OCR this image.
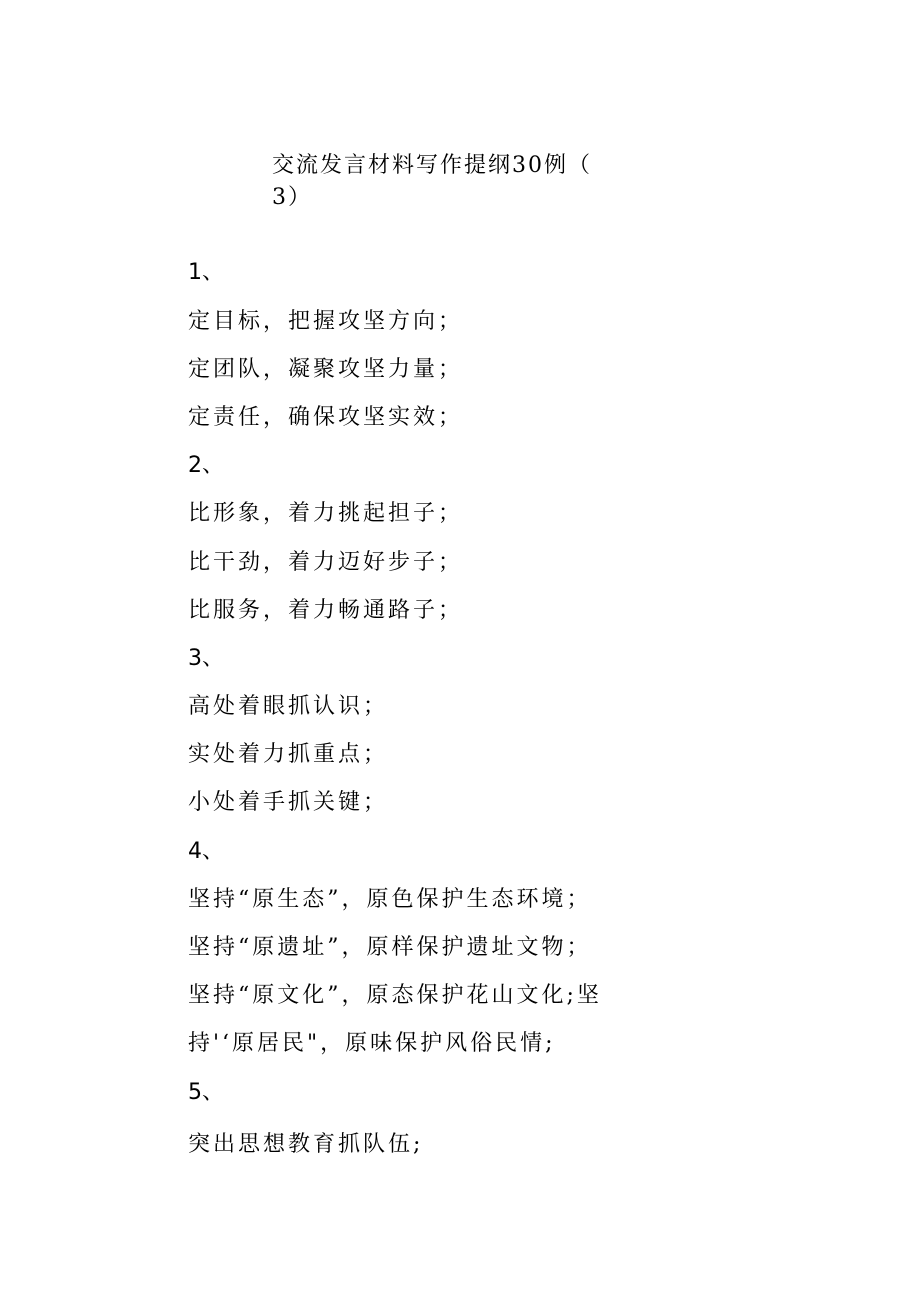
交流发言材料写作提纲30例（
3）
1、
定目标，把握攻坚方向；
定团队，凝聚攻坚力量；
定责任，确保攻坚实效；
2、
比形象，着力挑起担子；
比干劲，着力迈好步子；
比服务，着力畅通路子；
3、
高处着眼抓认识；
实处着力抓重点；
小处着手抓关键；
4、
坚持“原生态”，原色保护生态环境；
坚持“原遗址”，原样保护遗址文物；
坚持“原文化”，原态保护花山文化;坚
持'‘原居民"，原味保护风俗民情;
5、
突出思想教育抓队伍;
